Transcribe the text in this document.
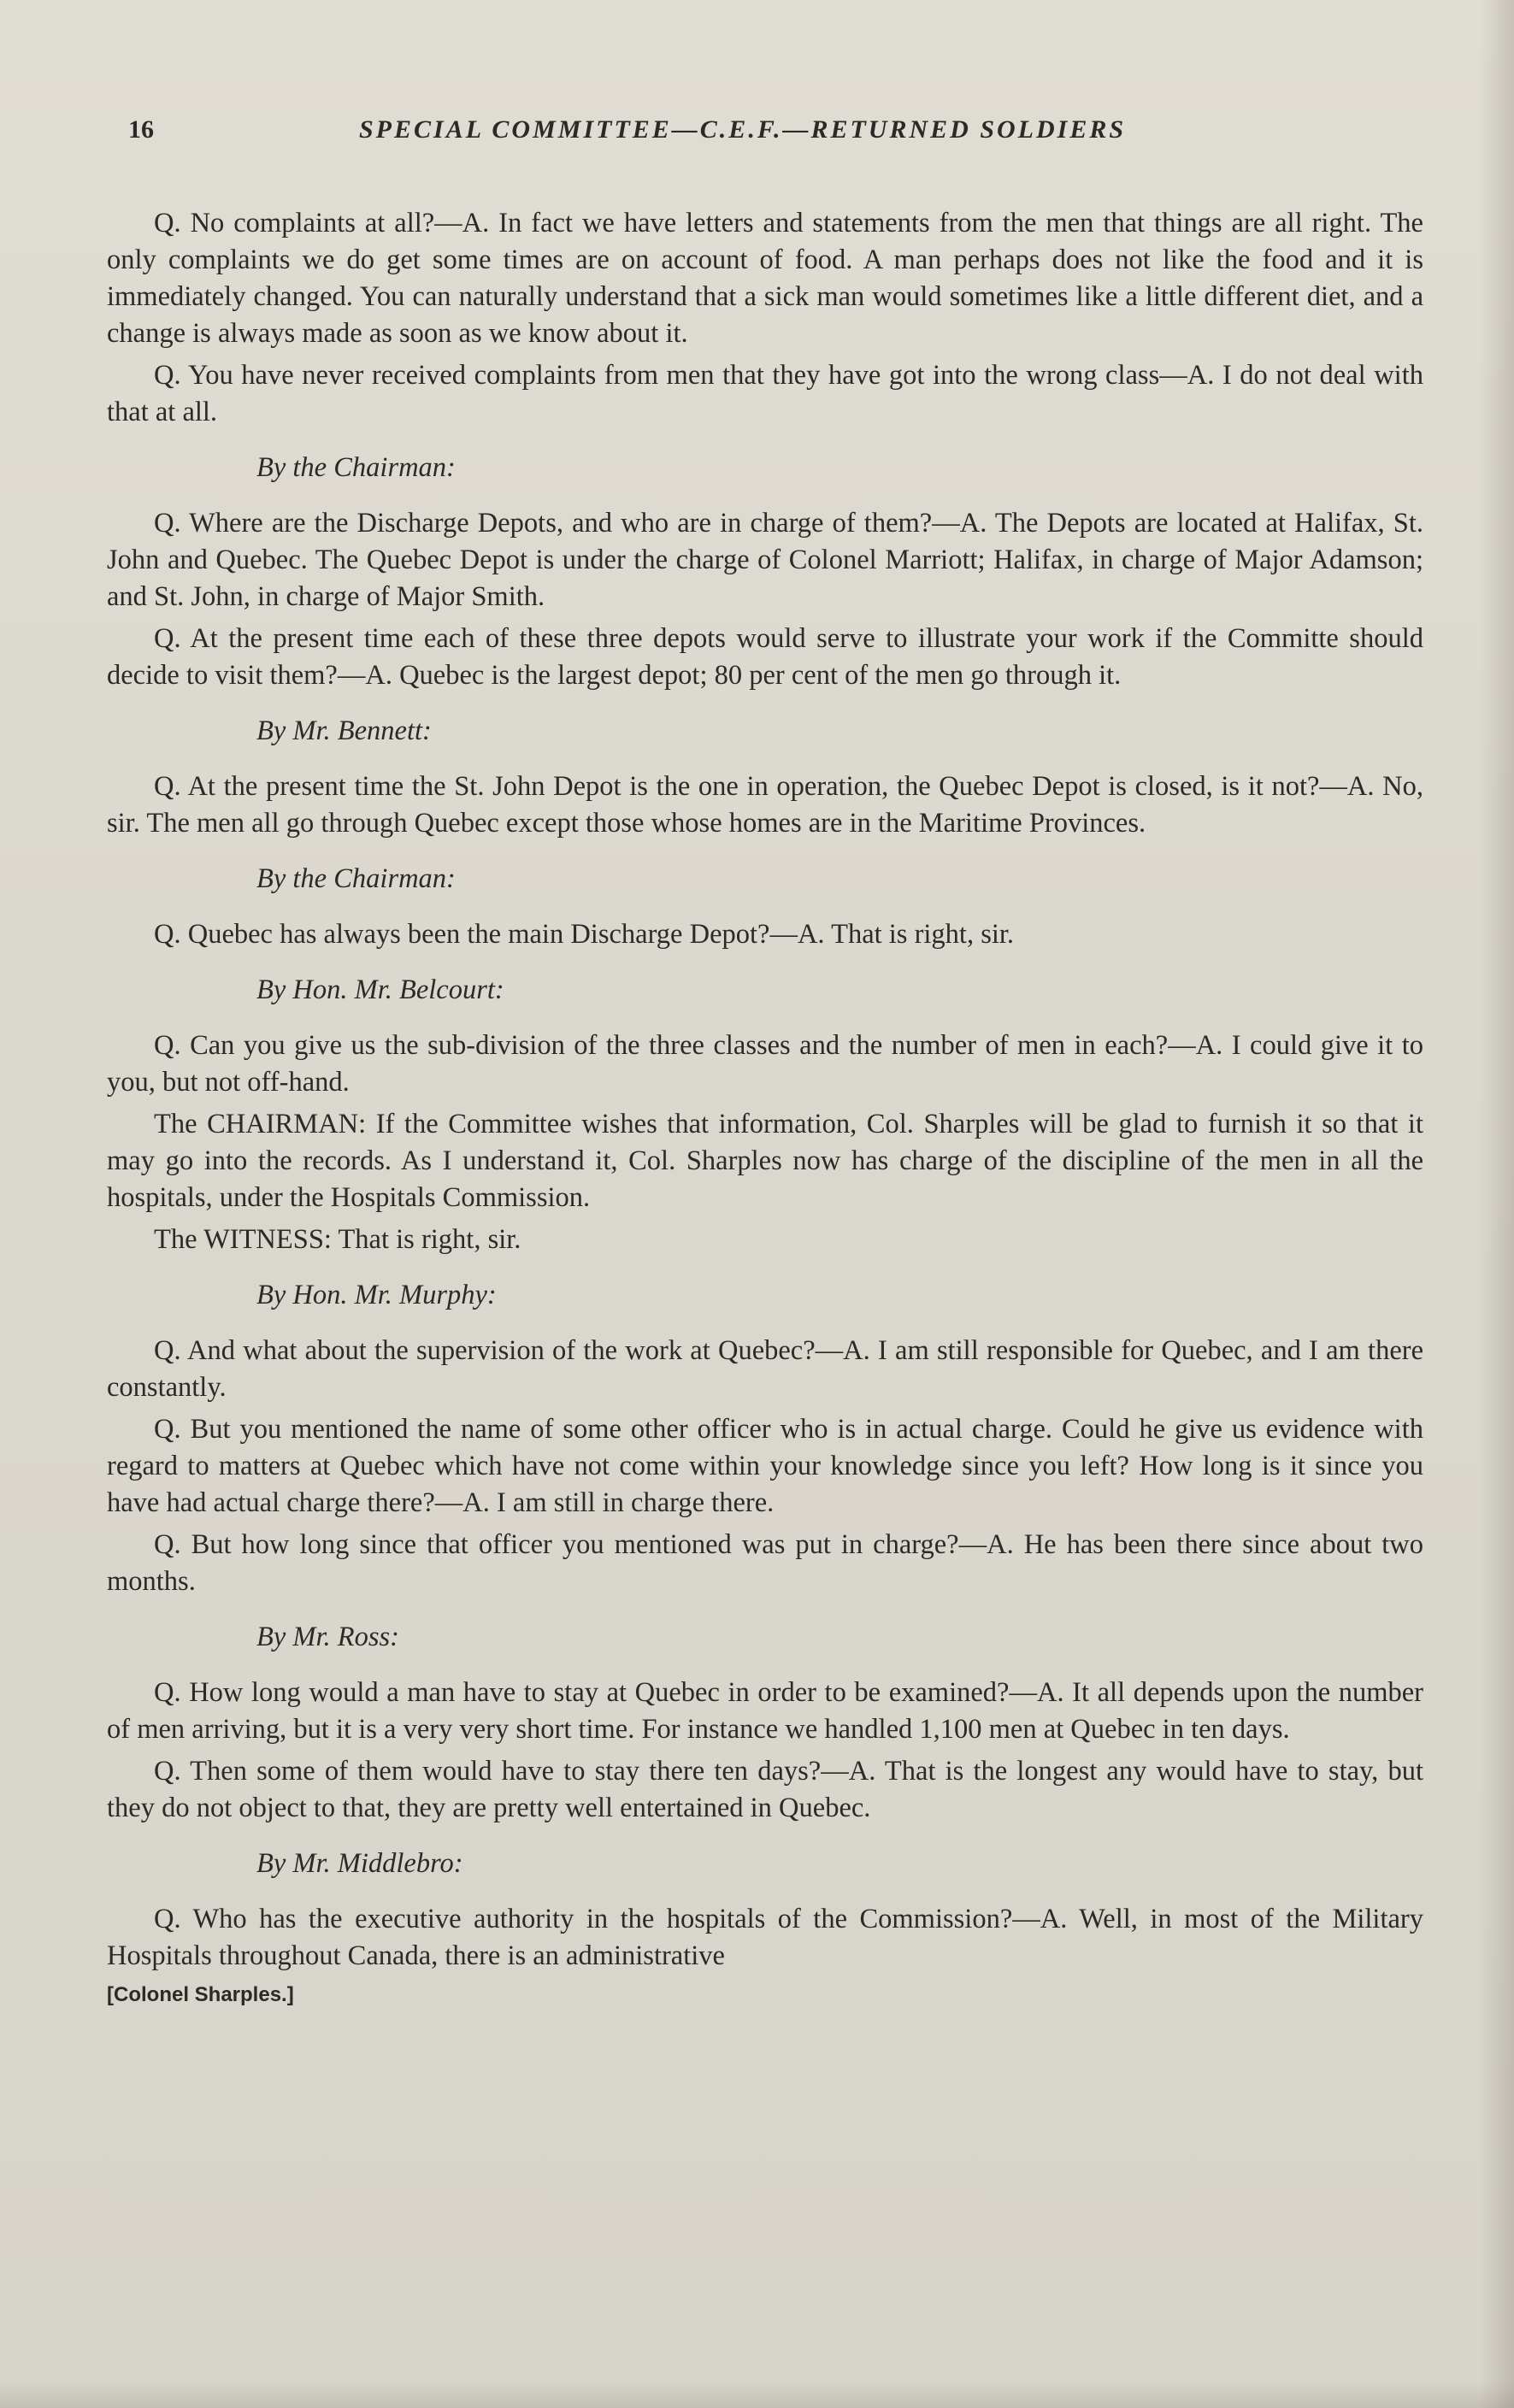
16	SPECIAL COMMITTEE—C.E.F.—RETURNED SOLDIERS

Q. No complaints at all?—A. In fact we have letters and statements from the men that things are all right. The only complaints we do get some times are on account of food. A man perhaps does not like the food and it is immediately changed. You can naturally understand that a sick man would sometimes like a little different diet, and a change is always made as soon as we know about it.

Q. You have never received complaints from men that they have got into the wrong class—A. I do not deal with that at all.

By the Chairman:

Q. Where are the Discharge Depots, and who are in charge of them?—A. The Depots are located at Halifax, St. John and Quebec. The Quebec Depot is under the charge of Colonel Marriott; Halifax, in charge of Major Adamson; and St. John, in charge of Major Smith.

Q. At the present time each of these three depots would serve to illustrate your work if the Committe should decide to visit them?—A. Quebec is the largest depot; 80 per cent of the men go through it.

By Mr. Bennett:

Q. At the present time the St. John Depot is the one in operation, the Quebec Depot is closed, is it not?—A. No, sir. The men all go through Quebec except those whose homes are in the Maritime Provinces.

By the Chairman:

Q. Quebec has always been the main Discharge Depot?—A. That is right, sir.

By Hon. Mr. Belcourt:

Q. Can you give us the sub-division of the three classes and the number of men in each?—A. I could give it to you, but not off-hand.

The CHAIRMAN: If the Committee wishes that information, Col. Sharples will be glad to furnish it so that it may go into the records. As I understand it, Col. Sharples now has charge of the discipline of the men in all the hospitals, under the Hospitals Commission.

The WITNESS: That is right, sir.

By Hon. Mr. Murphy:

Q. And what about the supervision of the work at Quebec?—A. I am still responsible for Quebec, and I am there constantly.

Q. But you mentioned the name of some other officer who is in actual charge. Could he give us evidence with regard to matters at Quebec which have not come within your knowledge since you left? How long is it since you have had actual charge there?—A. I am still in charge there.

Q. But how long since that officer you mentioned was put in charge?—A. He has been there since about two months.

By Mr. Ross:

Q. How long would a man have to stay at Quebec in order to be examined?—A. It all depends upon the number of men arriving, but it is a very very short time. For instance we handled 1,100 men at Quebec in ten days.

Q. Then some of them would have to stay there ten days?—A. That is the longest any would have to stay, but they do not object to that, they are pretty well entertained in Quebec.

By Mr. Middlebro:

Q. Who has the executive authority in the hospitals of the Commission?—A. Well, in most of the Military Hospitals throughout Canada, there is an administrative

[Colonel Sharples.]
